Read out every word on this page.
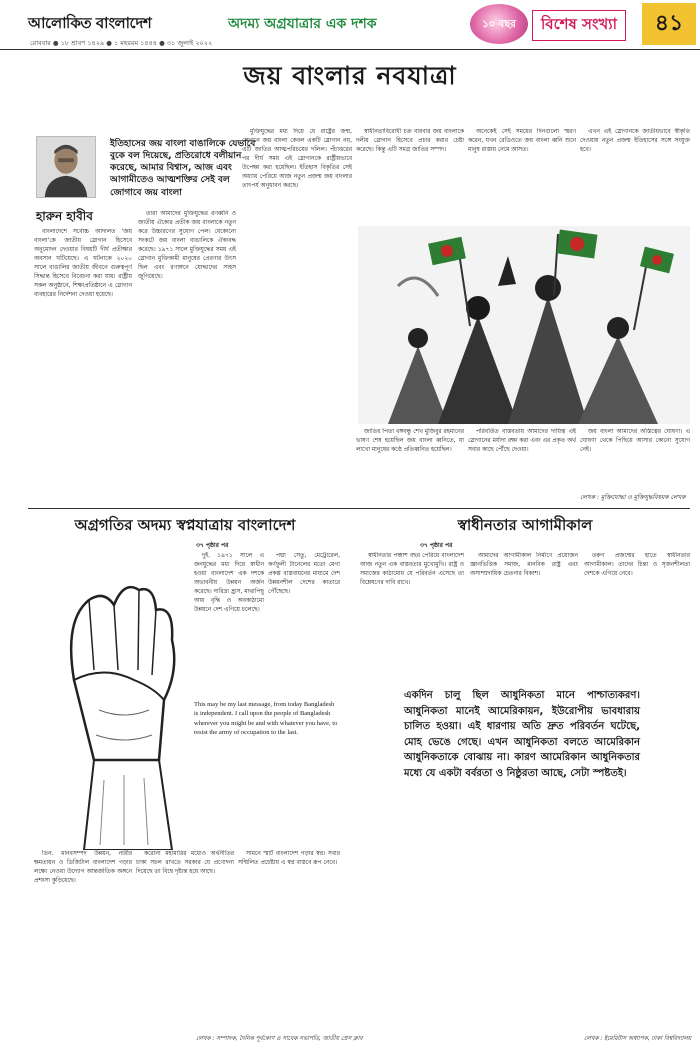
আলোকিত বাংলাদেশ	অদম্য অগ্রযাত্রার এক দশক	১০ বছর	বিশেষ সংখ্যা	৪১
রোববার ● ১৮ শ্রাবণ ১৪২৯ ● ১ মহররম ১৪৪৪ ● ৩১ জুলাই ২০২২
জয় বাংলার নবযাত্রা
ইতিহাসের জয় বাংলা বাঙালিকে যেভাবে বুকে বল দিয়েছে, প্রতিরোধে বলীয়ান করেছে, আমার বিশ্বাস, আজ এবং আগামীতেও আত্মশক্তির সেই বল জোগাবে জয় বাংলা
হারুন হাবীব

বাংলাদেশে সর্বোচ্চ আদালত 'জয় বাংলা'কে জাতীয় স্লোগান হিসেবে অনুমোদন দেওয়ার বিষয়টি দীর্ঘ প্রতীক্ষার অবসান ঘটিয়েছে। এ ঘটনাকে ২০২০ সালে বাঙালির জাতীয় জীবনে গুরুত্বপূর্ণ সিদ্ধান্ত হিসেবে বিবেচনা করা যায়। রাষ্ট্রীয় সকল অনুষ্ঠানে, শিক্ষাপ্রতিষ্ঠানে এ স্লোগান ব্যবহারের নির্দেশনা দেওয়া হয়েছে।

তারা আমাদের মুক্তিযুদ্ধের রণধ্বনি ও জাতীয় ঐক্যের প্রতীক জয় বাংলাকে নতুন করে উচ্চারণের সুযোগ পেল। যেকোনো সংকটে জয় বাংলা বাঙালিকে ঐক্যবদ্ধ করেছে। ১৯৭১ সালে মুক্তিযুদ্ধের সময় এই স্লোগান মুক্তিকামী মানুষের প্রেরণার উৎস ছিল এবং রণাঙ্গনে যোদ্ধাদের সাহস জুগিয়েছে।

মুক্তিযুদ্ধের মধ্য দিয়ে যে রাষ্ট্রের জন্ম, সেখানে জয় বাংলা কেবল একটি স্লোগান নয়, এটি জাতির আত্মপরিচয়ের দলিল। পঁচাত্তরের পর দীর্ঘ সময় এই স্লোগানকে রাষ্ট্রীয়ভাবে উপেক্ষা করা হয়েছিল। ইতিহাস বিকৃতির সেই অধ্যায় পেরিয়ে আজ নতুন প্রজন্ম জয় বাংলার তাৎপর্য অনুধাবন করছে।

স্বাধীনতাবিরোধী চক্র বারবার জয় বাংলাকে দলীয় স্লোগান হিসেবে প্রচার করার চেষ্টা করেছে। কিন্তু এটি সমগ্র জাতির সম্পদ।

অনেকেই সেই সময়ের দিনগুলো স্মরণ করেন, যখন রেডিওতে জয় বাংলা ধ্বনি শুনে মানুষ রাস্তায় নেমে আসত।

এখন এই স্লোগানকে জাতীয়ভাবে স্বীকৃতি দেওয়ায় নতুন প্রজন্ম ইতিহাসের সঙ্গে সংযুক্ত হবে।

জাতির পিতা বঙ্গবন্ধু শেখ মুজিবুর রহমানের ভাষণ শেষ হয়েছিল জয় বাংলা ধ্বনিতে, যা লাখো মানুষের কণ্ঠে প্রতিধ্বনিত হয়েছিল।

পরিবর্তিত বাস্তবতায় আমাদের দায়িত্ব এই স্লোগানের মর্যাদা রক্ষা করা এবং এর প্রকৃত অর্থ সবার কাছে পৌঁছে দেওয়া।

জয় বাংলা আমাদের অস্তিত্বের ঘোষণা। এ ঘোষণা থেকে পিছিয়ে আসার কোনো সুযোগ নেই।

লেখক : মুক্তিযোদ্ধা ও মুক্তিযুদ্ধবিষয়ক লেখক
অগ্রগতির অদম্য স্বপ্নযাত্রায় বাংলাদেশ	স্বাধীনতার আগামীকাল
৩৭ পৃষ্ঠার পর	৩৭ পৃষ্ঠার পর

দুই. ১৯৭১ সালে এ জনযুদ্ধের মধ্য দিয়ে স্বাধীন হওয়া বাংলাদেশ এক দশকে অভাবনীয় উন্নয়ন অর্জন করেছে। দারিদ্র্য হ্রাস, মাথাপিছু আয় বৃদ্ধি ও অবকাঠামো উন্নয়নে দেশ এগিয়ে চলেছে।

পদ্মা সেতু, মেট্রোরেল, কর্ণফুলী টানেলের মতো মেগা প্রকল্প বাস্তবায়নের মাধ্যমে দেশ উন্নয়নশীল দেশের কাতারে পৌঁছেছে।

This may be my last message, from today Bangladesh is independent. I call upon the people of Bangladesh wherever you might be and with whatever you have, to resist the army of occupation to the last.

তিন. মানবসম্পদ উন্নয়ন, নারীর ক্ষমতায়ন ও ডিজিটাল বাংলাদেশ গড়ার লক্ষ্যে নেওয়া উদ্যোগ আন্তর্জাতিক অঙ্গনে প্রশংসা কুড়িয়েছে।

করোনা মহামারির মধ্যেও অর্থনীতির চাকা সচল রাখতে সরকার যে প্রণোদনা দিয়েছে তা বিশ্বে দৃষ্টান্ত হয়ে আছে।

সামনে স্মার্ট বাংলাদেশ গড়ার স্বপ্ন। সবার সম্মিলিত প্রচেষ্টায় এ স্বপ্ন বাস্তবে রূপ নেবে।

স্বাধীনতার পঞ্চাশ বছর পেরিয়ে বাংলাদেশ আজ নতুন এক বাস্তবতার মুখোমুখি। রাষ্ট্র ও সমাজের কাঠামোয় যে পরিবর্তন এসেছে তা বিশ্লেষণের দাবি রাখে।

আমাদের আগামীকাল নির্মাণে প্রয়োজন জ্ঞানভিত্তিক সমাজ, মানবিক রাষ্ট্র এবং অসাম্প্রদায়িক চেতনার বিকাশ।

তরুণ প্রজন্মের হাতে স্বাধীনতার আগামীকাল। তাদের চিন্তা ও সৃজনশীলতা দেশকে এগিয়ে নেবে।

একদিন চালু ছিল আধুনিকতা মানে পাশ্চাত্যকরণ। আধুনিকতা মানেই আমেরিকায়ন, ইউরোপীয় ভাবধারায় চালিত হওয়া। এই ধারণায় অতি দ্রুত পরিবর্তন ঘটেছে, মোহ ভেঙে গেছে। এখন আধুনিকতা বলতে আমেরিকান আধুনিকতাকে বোঝায় না। কারণ আমেরিকান আধুনিকতার মধ্যে যে একটা বর্বরতা ও নিষ্ঠুরতা আছে, সেটা স্পষ্টতই।
লেখক : সম্পাদক, দৈনিক পূর্বকোণ ও সাবেক সভাপতি, জাতীয় প্রেস ক্লাব	লেখক : ইমেরিটাস অধ্যাপক, ঢাকা বিশ্ববিদ্যালয়
